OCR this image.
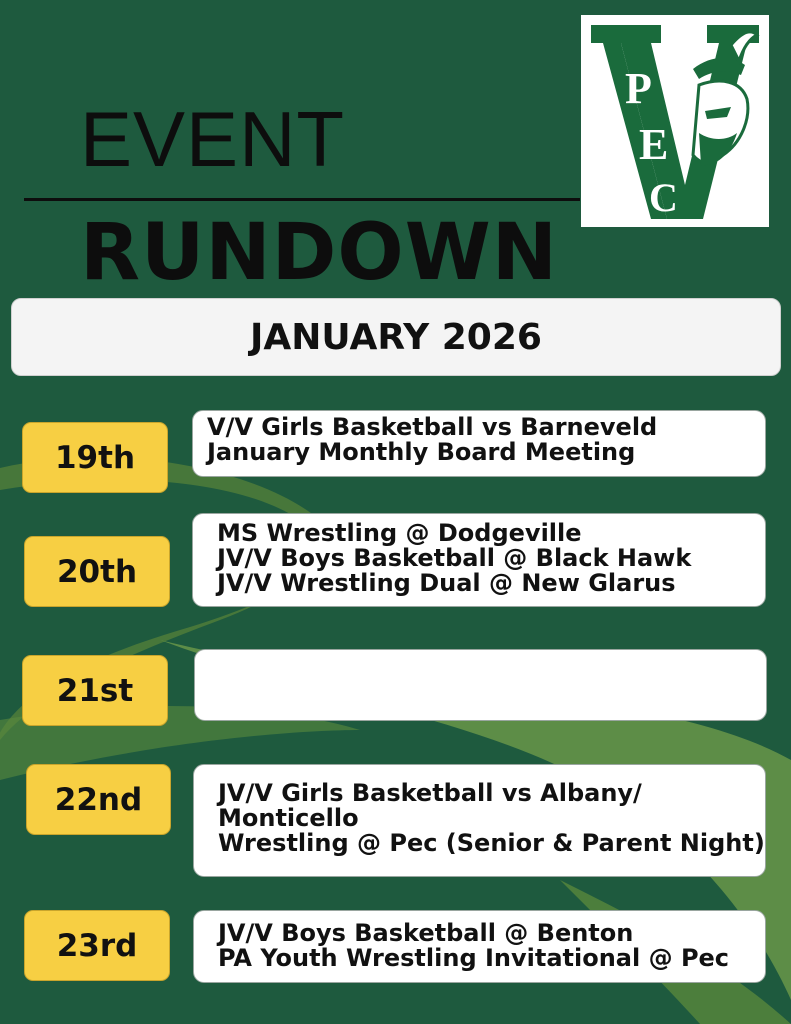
EVENT
RUNDOWN
P
E
C
JANUARY 2026
19th
V/V Girls Basketball vs Barneveld
January Monthly Board Meeting
20th
MS Wrestling @ Dodgeville
JV/V Boys Basketball @ Black Hawk
JV/V Wrestling Dual @ New Glarus
21st
22nd	JV/V Girls Basketball vs Albany/
Monticello
Wrestling @ Pec (Senior & Parent Night)
23rd	JV/V Boys Basketball @ Benton
PA Youth Wrestling Invitational @ Pec
